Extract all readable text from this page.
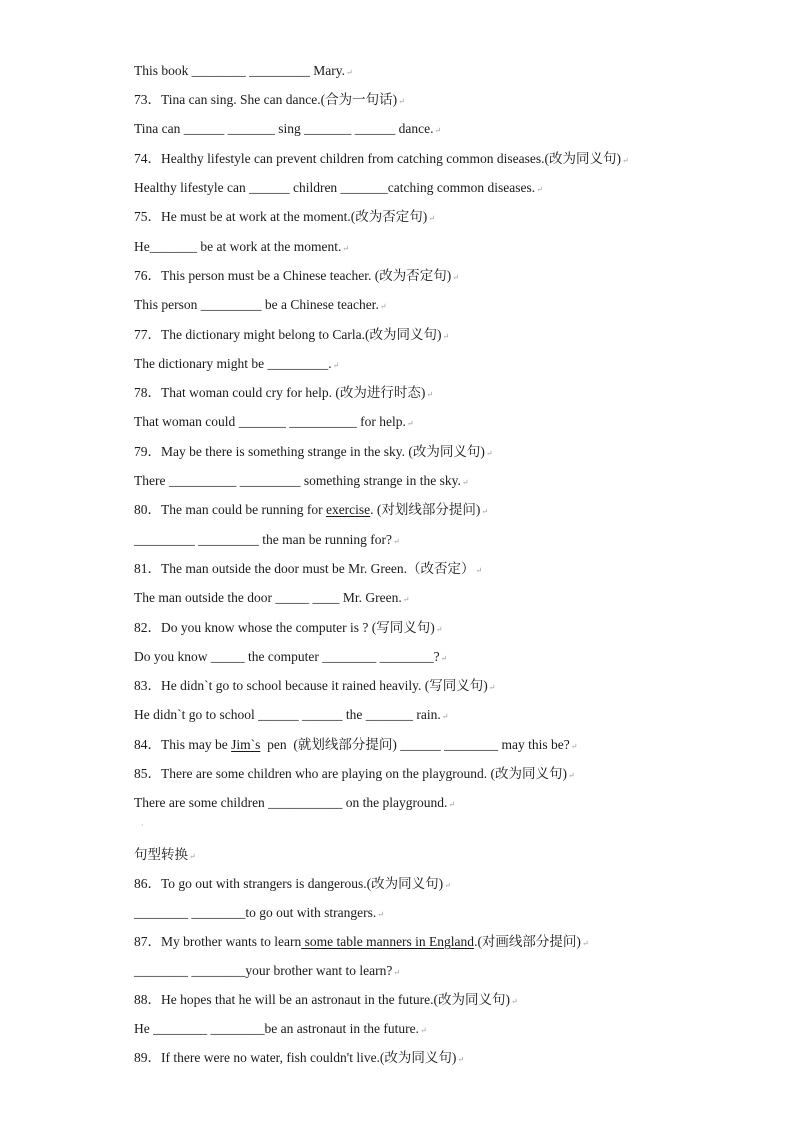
·
This book ________ _________ Mary.↵
73．Tina can sing. She can dance.(合为一句话)↵
Tina can ______ _______ sing _______ ______ dance.↵
74．Healthy lifestyle can prevent children from catching common diseases.(改为同义句)↵
Healthy lifestyle can ______ children _______catching common diseases.↵
75．He must be at work at the moment.(改为否定句)↵
He_______ be at work at the moment.↵
76．This person must be a Chinese teacher. (改为否定句)↵
This person _________ be a Chinese teacher.↵
77．The dictionary might belong to Carla.(改为同义句)↵
The dictionary might be _________.↵
78．That woman could cry for help. (改为进行时态)↵
That woman could _______ __________ for help.↵
79．May be there is something strange in the sky. (改为同义句)↵
There __________ _________ something strange in the sky.↵
80．The man could be running for exercise. (对划线部分提问)↵
_________ _________ the man be running for?↵
81．The man outside the door must be Mr. Green.（改否定）↵
The man outside the door _____ ____ Mr. Green.↵
82．Do you know whose the computer is ? (写同义句)↵
Do you know _____ the computer ________ ________?↵
83．He didn`t go to school because it rained heavily. (写同义句)↵
He didn`t go to school ______ ______ the _______ rain.↵
84．This may be Jim`s  pen  (就划线部分提问) ______ ________ may this be?↵
85．There are some children who are playing on the playground. (改为同义句)↵
There are some children ___________ on the playground.↵
句型转换↵
86．To go out with strangers is dangerous.(改为同义句)↵
________ ________to go out with strangers.↵
87．My brother wants to learn some table manners in England.(对画线部分提问)↵
________ ________your brother want to learn?↵
88．He hopes that he will be an astronaut in the future.(改为同义句)↵
He ________ ________be an astronaut in the future.↵
89．If there were no water, fish couldn't live.(改为同义句)↵
